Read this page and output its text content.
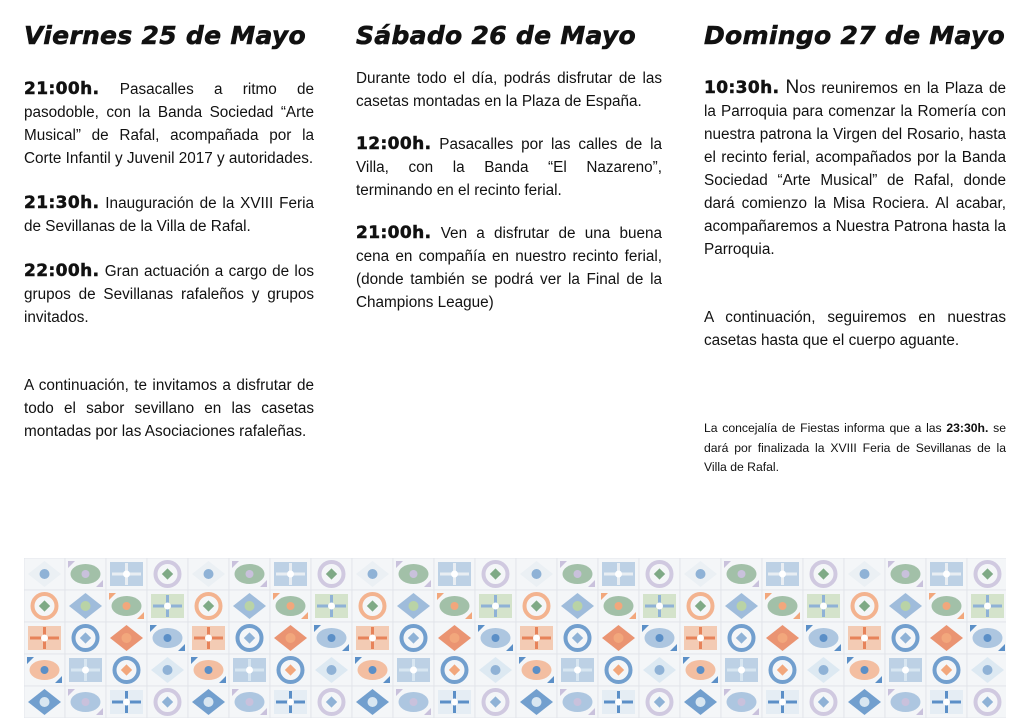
Viernes 25 de Mayo

21:00h. Pasacalles a ritmo de pasodoble, con la Banda Sociedad “Arte Musical” de Rafal, acompañada por la Corte Infantil y Juvenil 2017 y autoridades.

21:30h. Inauguración de la XVIII Feria de Sevillanas de la Villa de Rafal.

22:00h. Gran actuación a cargo de los grupos de Sevillanas rafaleños y grupos invitados.

A continuación, te invitamos a disfrutar de todo el sabor sevillano en las casetas montadas por las Asociaciones rafaleñas.

Sábado 26 de Mayo

Durante todo el día, podrás disfrutar de las casetas montadas en la Plaza de España.

12:00h. Pasacalles por las calles de la Villa, con la Banda “El Nazareno”, terminando en el recinto ferial.

21:00h. Ven a disfrutar de una buena cena en compañía en nuestro recinto ferial, (donde también se podrá ver la Final de la Champions League)

Domingo 27 de Mayo

10:30h. Nos reuniremos en la Plaza de la Parroquia para comenzar la Romería con nuestra patrona la Virgen del Rosario, hasta el recinto ferial, acompañados por la Banda Sociedad “Arte Musical” de Rafal, donde dará comienzo la Misa Rociera. Al acabar, acompañaremos a Nuestra Patrona hasta la Parroquia.

A continuación, seguiremos en nuestras casetas hasta que el cuerpo aguante.

La concejalía de Fiestas informa que a las 23:30h. se dará por finalizada la XVIII Feria de Sevillanas de la Villa de Rafal.
